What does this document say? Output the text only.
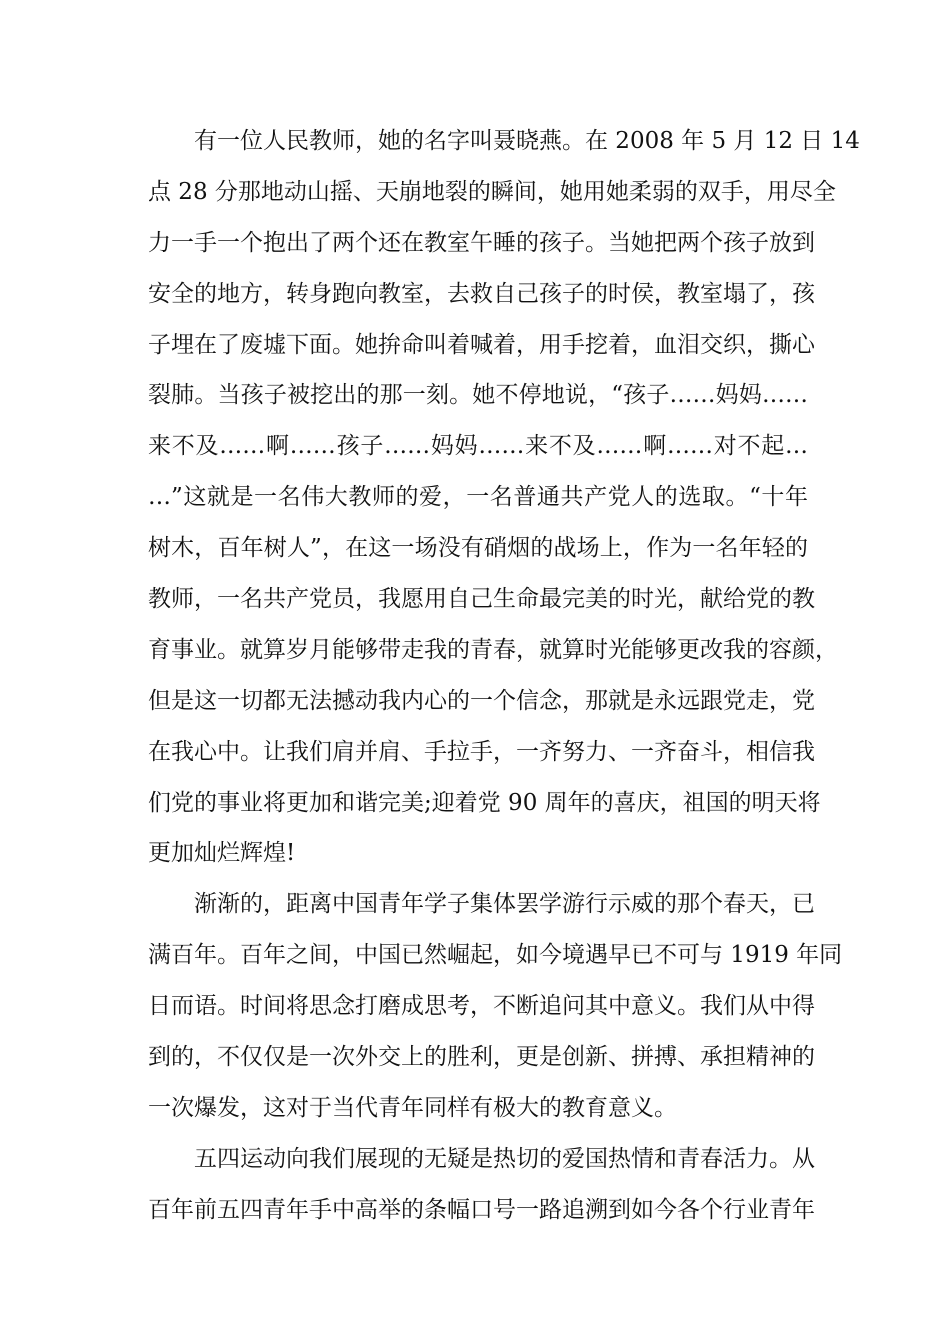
有一位人民教师，她的名字叫聂晓燕。在 2008 年 5 月 12 日 14
点 28 分那地动山摇、天崩地裂的瞬间，她用她柔弱的双手，用尽全
力一手一个抱出了两个还在教室午睡的孩子。当她把两个孩子放到
安全的地方，转身跑向教室，去救自己孩子的时侯，教室塌了，孩
子埋在了废墟下面。她拚命叫着喊着，用手挖着，血泪交织，撕心
裂肺。当孩子被挖出的那一刻。她不停地说，“孩子……妈妈……
来不及……啊……孩子……妈妈……来不及……啊……对不起…
…”这就是一名伟大教师的爱，一名普通共产党人的选取。“十年
树木，百年树人”，在这一场没有硝烟的战场上，作为一名年轻的
教师，一名共产党员，我愿用自己生命最完美的时光，献给党的教
育事业。就算岁月能够带走我的青春，就算时光能够更改我的容颜，
但是这一切都无法撼动我内心的一个信念，那就是永远跟党走，党
在我心中。让我们肩并肩、手拉手，一齐努力、一齐奋斗，相信我
们党的事业将更加和谐完美;迎着党 90 周年的喜庆，祖国的明天将
更加灿烂辉煌!
渐渐的，距离中国青年学子集体罢学游行示威的那个春天，已
满百年。百年之间，中国已然崛起，如今境遇早已不可与 1919 年同
日而语。时间将思念打磨成思考，不断追问其中意义。我们从中得
到的，不仅仅是一次外交上的胜利，更是创新、拼搏、承担精神的
一次爆发，这对于当代青年同样有极大的教育意义。
五四运动向我们展现的无疑是热切的爱国热情和青春活力。从
百年前五四青年手中高举的条幅口号一路追溯到如今各个行业青年
